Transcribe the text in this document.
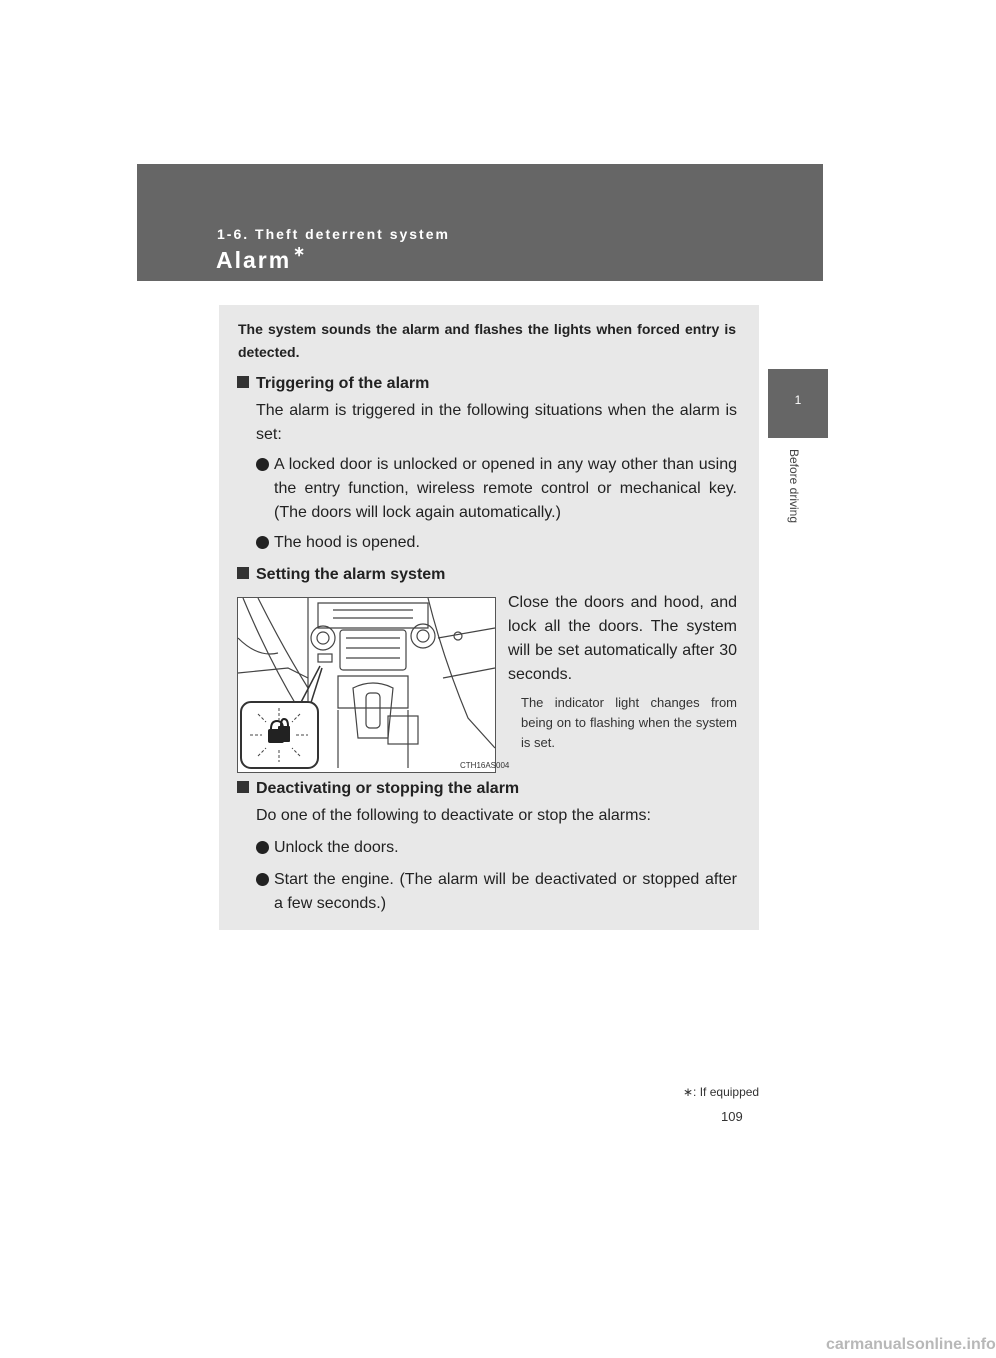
1-6. Theft deterrent system
Alarm ∗
1
Before driving
The system sounds the alarm and flashes the lights when forced entry is detected.
Triggering of the alarm
The alarm is triggered in the following situations when the alarm is set:
A locked door is unlocked or opened in any way other than using the entry function, wireless remote control or mechanical key. (The doors will lock again automatically.)
The hood is opened.
Setting the alarm system
CTH16AS004
Close the doors and hood, and lock all the doors. The system will be set automatically after 30 seconds.
The indicator light changes from being on to flashing when the system is set.
Deactivating or stopping the alarm
Do one of the following to deactivate or stop the alarms:
Unlock the doors.
Start the engine. (The alarm will be deactivated or stopped after a few seconds.)
∗: If equipped
109
carmanualsonline.info
